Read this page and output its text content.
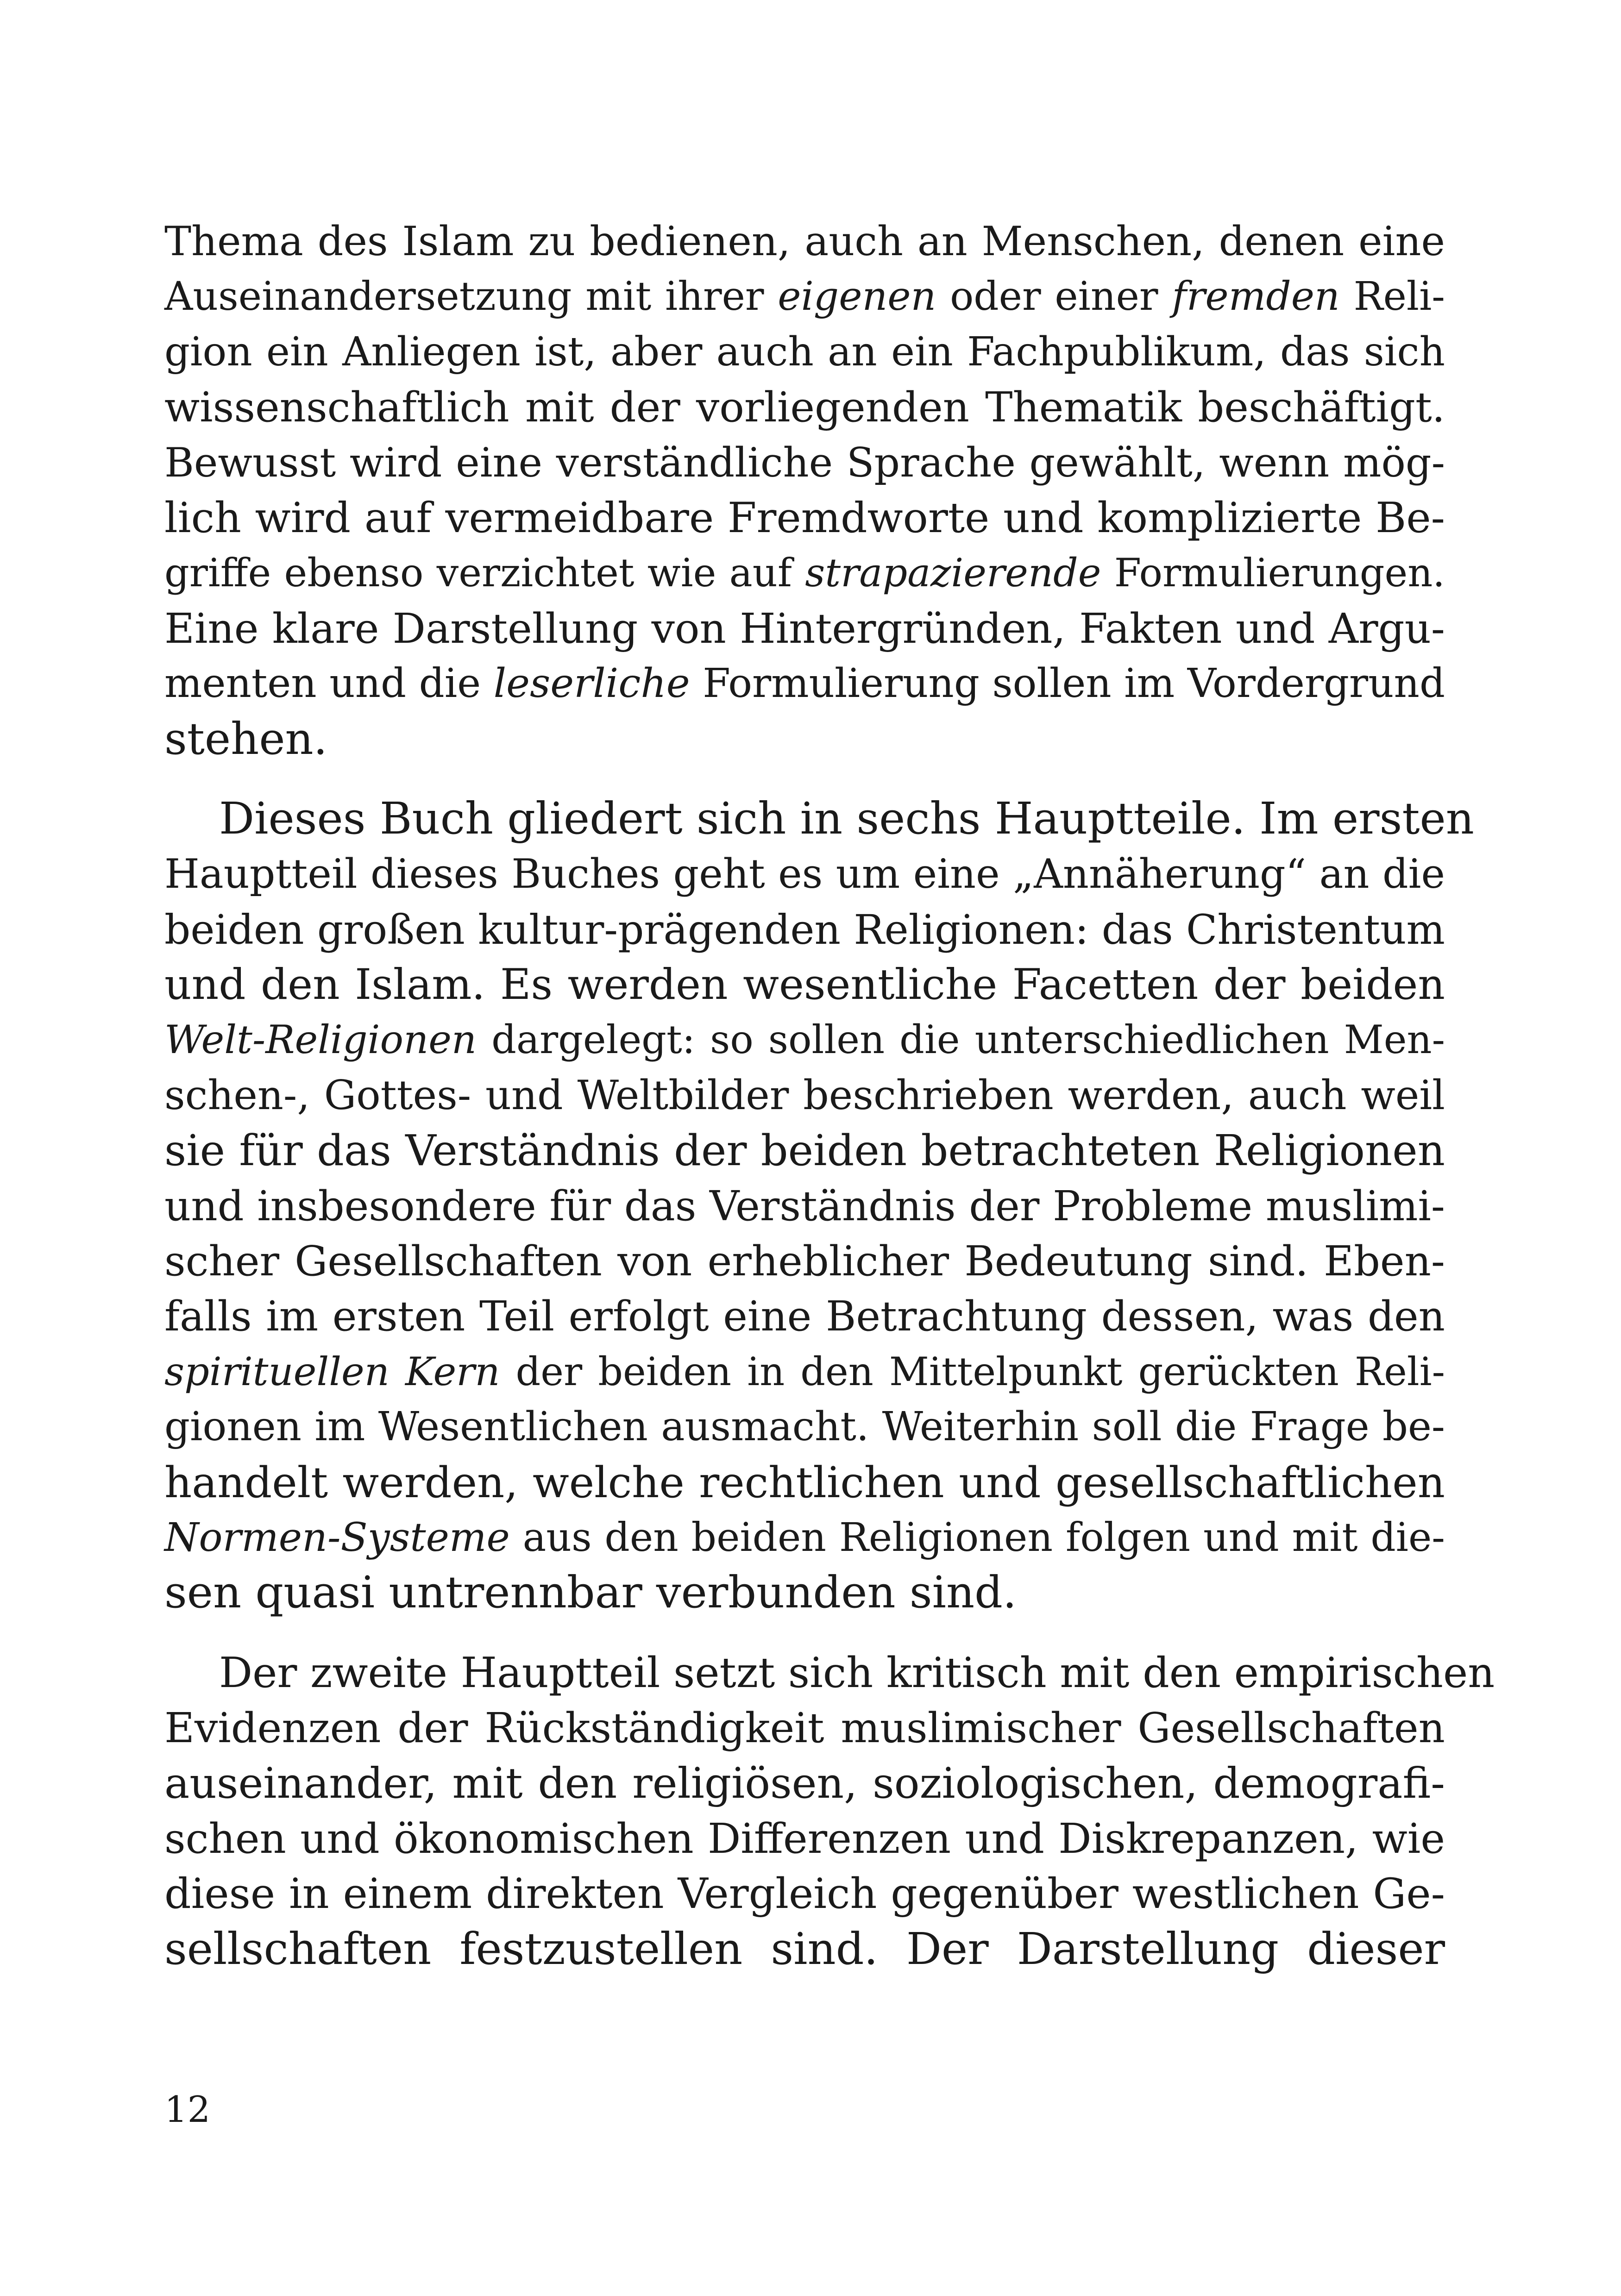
Thema des Islam zu bedienen, auch an Menschen, denen eine
Auseinandersetzung mit ihrer eigenen oder einer fremden Reli-
gion ein Anliegen ist, aber auch an ein Fachpublikum, das sich
wissenschaftlich mit der vorliegenden Thematik beschäftigt.
Bewusst wird eine verständliche Sprache gewählt, wenn mög-
lich wird auf vermeidbare Fremdworte und komplizierte Be-
griffe ebenso verzichtet wie auf strapazierende Formulierungen.
Eine klare Darstellung von Hintergründen, Fakten und Argu-
menten und die leserliche Formulierung sollen im Vordergrund
stehen.
Dieses Buch gliedert sich in sechs Hauptteile. Im ersten
Hauptteil dieses Buches geht es um eine „Annäherung“ an die
beiden großen kultur-prägenden Religionen: das Christentum
und den Islam. Es werden wesentliche Facetten der beiden
Welt-Religionen dargelegt: so sollen die unterschiedlichen Men-
schen-, Gottes- und Weltbilder beschrieben werden, auch weil
sie für das Verständnis der beiden betrachteten Religionen
und insbesondere für das Verständnis der Probleme muslimi-
scher Gesellschaften von erheblicher Bedeutung sind. Eben-
falls im ersten Teil erfolgt eine Betrachtung dessen, was den
spirituellen Kern der beiden in den Mittelpunkt gerückten Reli-
gionen im Wesentlichen ausmacht. Weiterhin soll die Frage be-
handelt werden, welche rechtlichen und gesellschaftlichen
Normen-Systeme aus den beiden Religionen folgen und mit die-
sen quasi untrennbar verbunden sind.
Der zweite Hauptteil setzt sich kritisch mit den empirischen
Evidenzen der Rückständigkeit muslimischer Gesellschaften
auseinander, mit den religiösen, soziologischen, demografi-
schen und ökonomischen Differenzen und Diskrepanzen, wie
diese in einem direkten Vergleich gegenüber westlichen Ge-
sellschaften festzustellen sind. Der Darstellung dieser
12
